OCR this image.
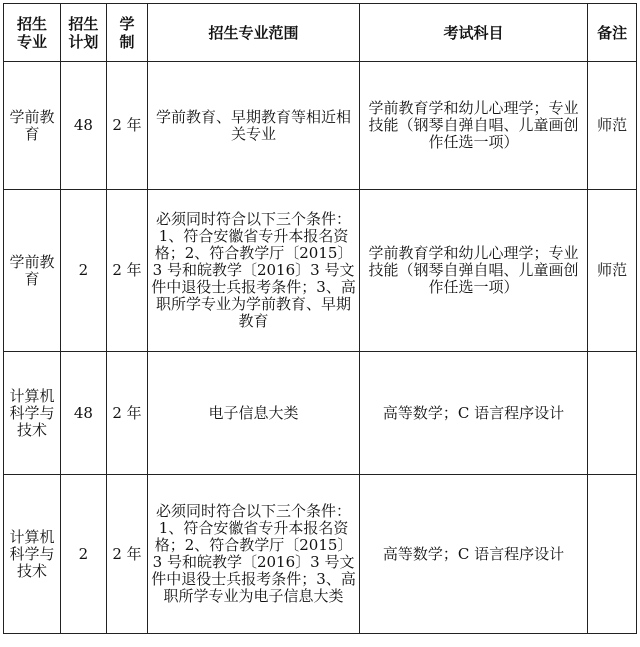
招生专业	招生计划	学制	招生专业范围	考试科目	备注
学前教育	48	2 年	学前教育、早期教育等相近相关专业	学前教育学和幼儿心理学；专业技能（钢琴自弹自唱、儿童画创作任选一项）	师范
学前教育	2	2 年	必须同时符合以下三个条件：1、符合安徽省专升本报名资格；2、符合教学厅〔2015〕3 号和皖教学〔2016〕3 号文件中退役士兵报考条件；3、高职所学专业为学前教育、早期教育	学前教育学和幼儿心理学；专业技能（钢琴自弹自唱、儿童画创作任选一项）	师范
计算机科学与技术	48	2 年	电子信息大类	高等数学；C 语言程序设计	
计算机科学与技术	2	2 年	必须同时符合以下三个条件：1、符合安徽省专升本报名资格；2、符合教学厅〔2015〕3 号和皖教学〔2016〕3 号文件中退役士兵报考条件；3、高职所学专业为电子信息大类	高等数学；C 语言程序设计	
